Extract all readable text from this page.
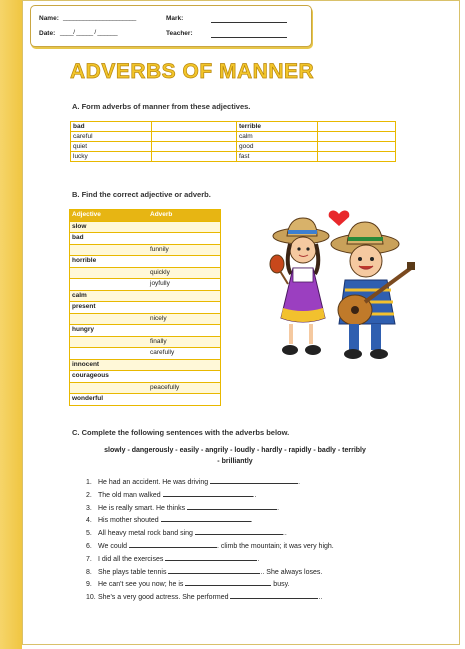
Name: ______________________
Date: ____/ _____ / ______
Mark:
Teacher:
ADVERBS OF MANNER
A. Form adverbs of manner from these adjectives.
bad		terrible	
careful		calm	
quiet		good	
lucky		fast	
B. Find the correct adjective or adverb.
Adjective	Adverb
slow	
bad	
	funnily
horrible	
	quickly
	joyfully
calm	
present	
	nicely
hungry	
	finally
	carefully
innocent	
courageous	
	peacefully
wonderful	
C. Complete the following sentences with the adverbs below.
slowly - dangerously - easily - angrily - loudly - hardly - rapidly - badly - terribly
- brilliantly
1. He had an accident. He was driving	.
2. The old man walked	..
3. He is really smart. He thinks	.
4. His mother shouted	.
5. All heavy metal rock band sing	..
6. We could	. climb the mountain; it was very high.
7. I did all the exercises	.
8. She plays table tennis	.. She always loses.
9. He can't see you now; he is	busy.
10. She's a very good actress. She performed	..
